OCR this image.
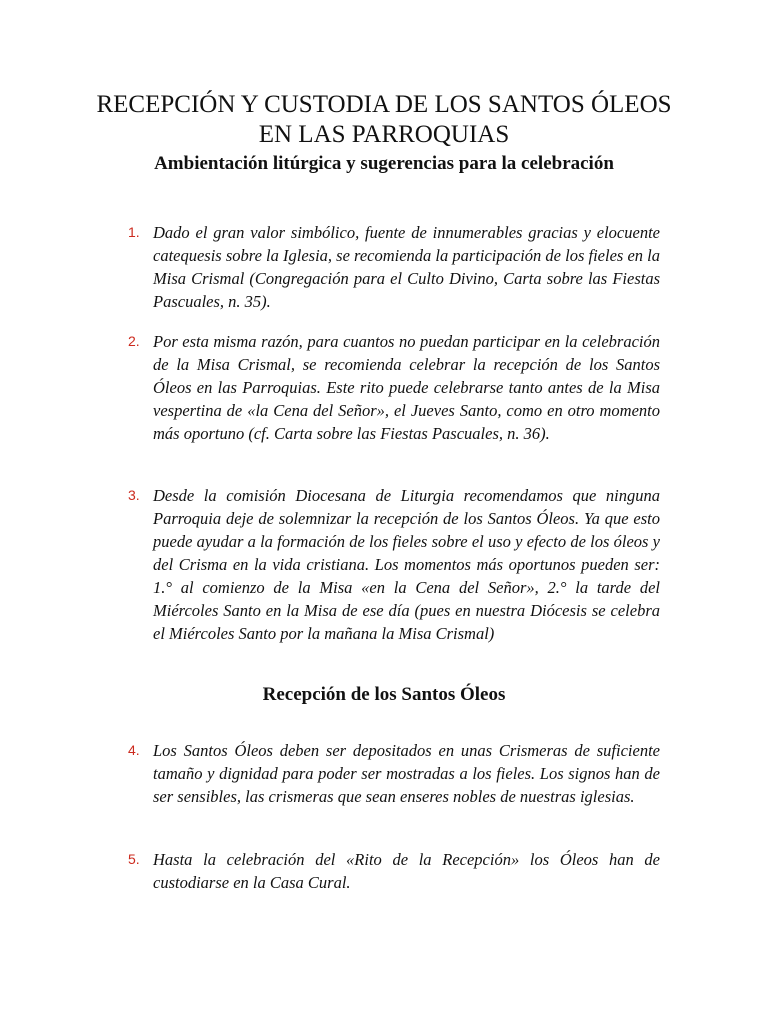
RECEPCIÓN Y CUSTODIA DE LOS SANTOS ÓLEOS
EN LAS PARROQUIAS
Ambientación litúrgica y sugerencias para la celebración
1. Dado el gran valor simbólico, fuente de innumerables gracias y elocuente catequesis sobre la Iglesia, se recomienda la participación de los fieles en la Misa Crismal (Congregación para el Culto Divino, Carta sobre las Fiestas Pascuales, n. 35).
2. Por esta misma razón, para cuantos no puedan participar en la celebración de la Misa Crismal, se recomienda celebrar la recepción de los Santos Óleos en las Parroquias. Este rito puede celebrarse tanto antes de la Misa vespertina de «la Cena del Señor», el Jueves Santo, como en otro momento más oportuno (cf. Carta sobre las Fiestas Pascuales, n. 36).
3. Desde la comisión Diocesana de Liturgia recomendamos que ninguna Parroquia deje de solemnizar la recepción de los Santos Óleos. Ya que esto puede ayudar a la formación de los fieles sobre el uso y efecto de los óleos y del Crisma en la vida cristiana. Los momentos más oportunos pueden ser: 1.° al comienzo de la Misa «en la Cena del Señor», 2.° la tarde del Miércoles Santo en la Misa de ese día (pues en nuestra Diócesis se celebra el Miércoles Santo por la mañana la Misa Crismal)
Recepción de los Santos Óleos
4. Los Santos Óleos deben ser depositados en unas Crismeras de suficiente tamaño y dignidad para poder ser mostradas a los fieles. Los signos han de ser sensibles, las crismeras que sean enseres nobles de nuestras iglesias.
5. Hasta la celebración del «Rito de la Recepción» los Óleos han de custodiarse en la Casa Cural.
